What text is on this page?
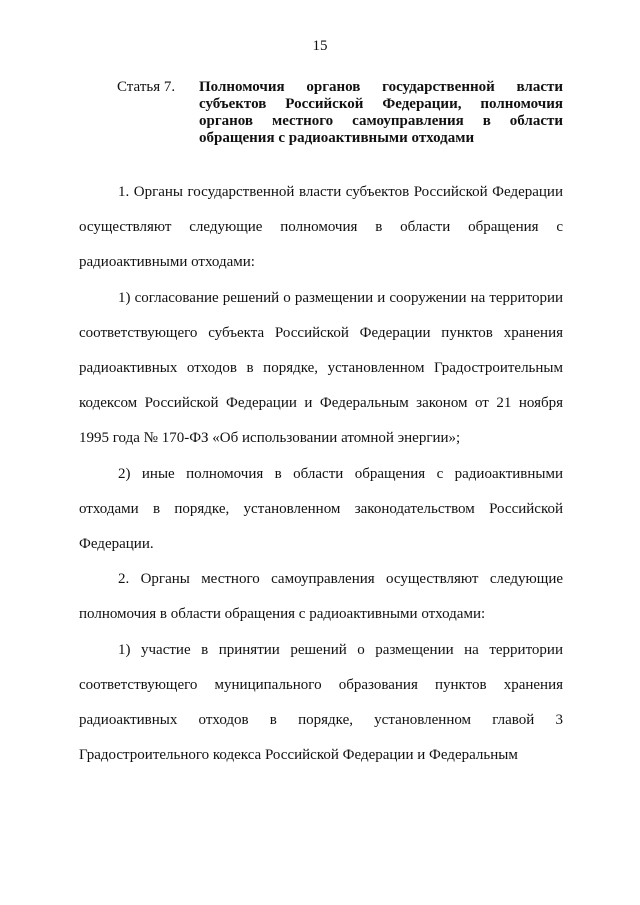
15
Статья 7. Полномочия органов государственной власти субъектов Российской Федерации, полномочия органов местного самоуправления в области обращения с радиоактивными отходами

1. Органы государственной власти субъектов Российской Федерации осуществляют следующие полномочия в области обращения с радиоактивными отходами:

1) согласование решений о размещении и сооружении на территории соответствующего субъекта Российской Федерации пунктов хранения радиоактивных отходов в порядке, установленном Градостроительным кодексом Российской Федерации и Федеральным законом от 21 ноября 1995 года № 170-ФЗ «Об использовании атомной энергии»;

2) иные полномочия в области обращения с радиоактивными отходами в порядке, установленном законодательством Российской Федерации.

2. Органы местного самоуправления осуществляют следующие полномочия в области обращения с радиоактивными отходами:

1) участие в принятии решений о размещении на территории соответствующего муниципального образования пунктов хранения радиоактивных отходов в порядке, установленном главой 3 Градостроительного кодекса Российской Федерации и Федеральным
